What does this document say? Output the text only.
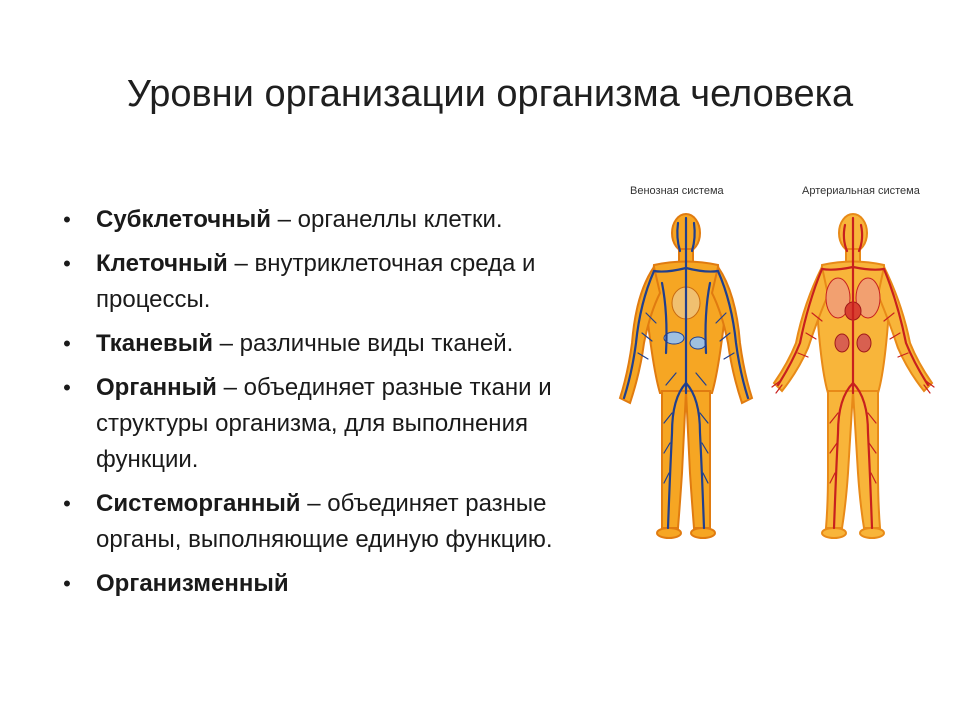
Уровни организации организма человека
• Субклеточный – органеллы клетки.
• Клеточный – внутриклеточная среда и процессы.
• Тканевый – различные виды тканей.
• Органный – объединяет разные ткани и структуры организма, для выполнения функции.
• Системорганный – объединяет разные органы, выполняющие единую функцию.
• Организменный
Венозная система	Артериальная система
